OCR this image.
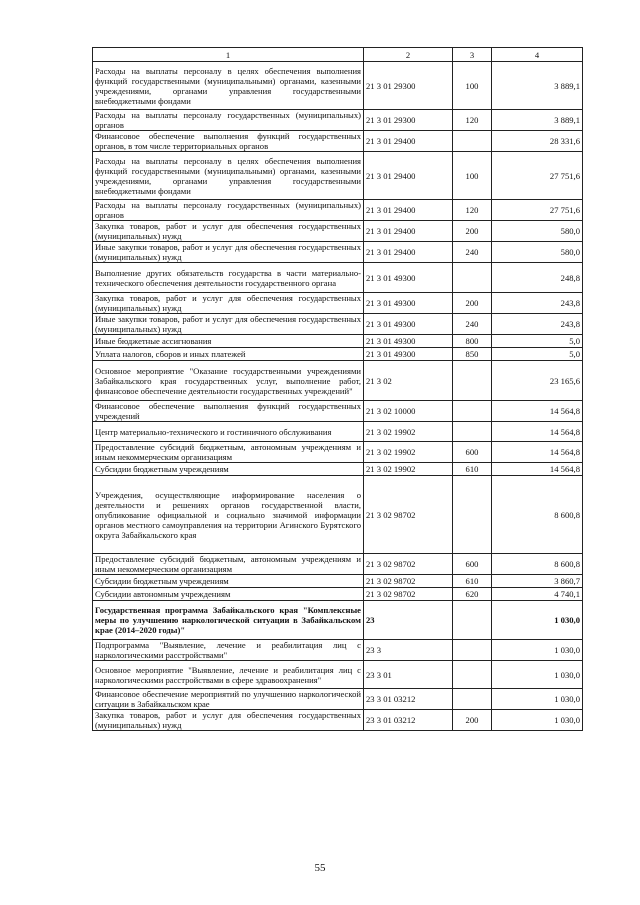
1	2	3	4
Расходы на выплаты персоналу в целях обеспечения выполнения функций государственными (муниципальными) органами, казенными учреждениями, органами управления государственными внебюджетными фондами	21 3 01 29300	100	3 889,1
Расходы на выплаты персоналу государственных (муниципальных) органов	21 3 01 29300	120	3 889,1
Финансовое обеспечение выполнения функций государственных органов, в том числе территориальных органов	21 3 01 29400		28 331,6
Расходы на выплаты персоналу в целях обеспечения выполнения функций государственными (муниципальными) органами, казенными учреждениями, органами управления государственными внебюджетными фондами	21 3 01 29400	100	27 751,6
Расходы на выплаты персоналу государственных (муниципальных) органов	21 3 01 29400	120	27 751,6
Закупка товаров, работ и услуг для обеспечения государственных (муниципальных) нужд	21 3 01 29400	200	580,0
Иные закупки товаров, работ и услуг для обеспечения государственных (муниципальных) нужд	21 3 01 29400	240	580,0
Выполнение других обязательств государства в части материально-технического обеспечения деятельности государственного органа	21 3 01 49300		248,8
Закупка товаров, работ и услуг для обеспечения государственных (муниципальных) нужд	21 3 01 49300	200	243,8
Иные закупки товаров, работ и услуг для обеспечения государственных (муниципальных) нужд	21 3 01 49300	240	243,8
Иные бюджетные ассигнования	21 3 01 49300	800	5,0
Уплата налогов, сборов и иных платежей	21 3 01 49300	850	5,0
Основное мероприятие "Оказание государственными учреждениями Забайкальского края государственных услуг, выполнение работ, финансовое обеспечение деятельности государственных учреждений"	21 3 02		23 165,6
Финансовое обеспечение выполнения функций государственных учреждений	21 3 02 10000		14 564,8
Центр материально-технического и гостиничного обслуживания	21 3 02 19902		14 564,8
Предоставление субсидий бюджетным, автономным учреждениям и иным некоммерческим организациям	21 3 02 19902	600	14 564,8
Субсидии бюджетным учреждениям	21 3 02 19902	610	14 564,8
Учреждения, осуществляющие информирование населения о деятельности и решениях органов государственной власти, опубликование официальной и социально значимой информации органов местного самоуправления на территории Агинского Бурятского округа Забайкальского края	21 3 02 98702		8 600,8
Предоставление субсидий бюджетным, автономным учреждениям и иным некоммерческим организациям	21 3 02 98702	600	8 600,8
Субсидии бюджетным учреждениям	21 3 02 98702	610	3 860,7
Субсидии автономным учреждениям	21 3 02 98702	620	4 740,1
Государственная программа Забайкальского края "Комплексные меры по улучшению наркологической ситуации в Забайкальском крае (2014–2020 годы)"	23		1 030,0
Подпрограмма "Выявление, лечение и реабилитация лиц с наркологическими расстройствами"	23 3		1 030,0
Основное мероприятие "Выявление, лечение и реабилитация лиц с наркологическими расстройствами в сфере здравоохранения"	23 3 01		1 030,0
Финансовое обеспечение мероприятий по улучшению наркологической ситуации в Забайкальском крае	23 3 01 03212		1 030,0
Закупка товаров, работ и услуг для обеспечения государственных (муниципальных) нужд	23 3 01 03212	200	1 030,0
55
